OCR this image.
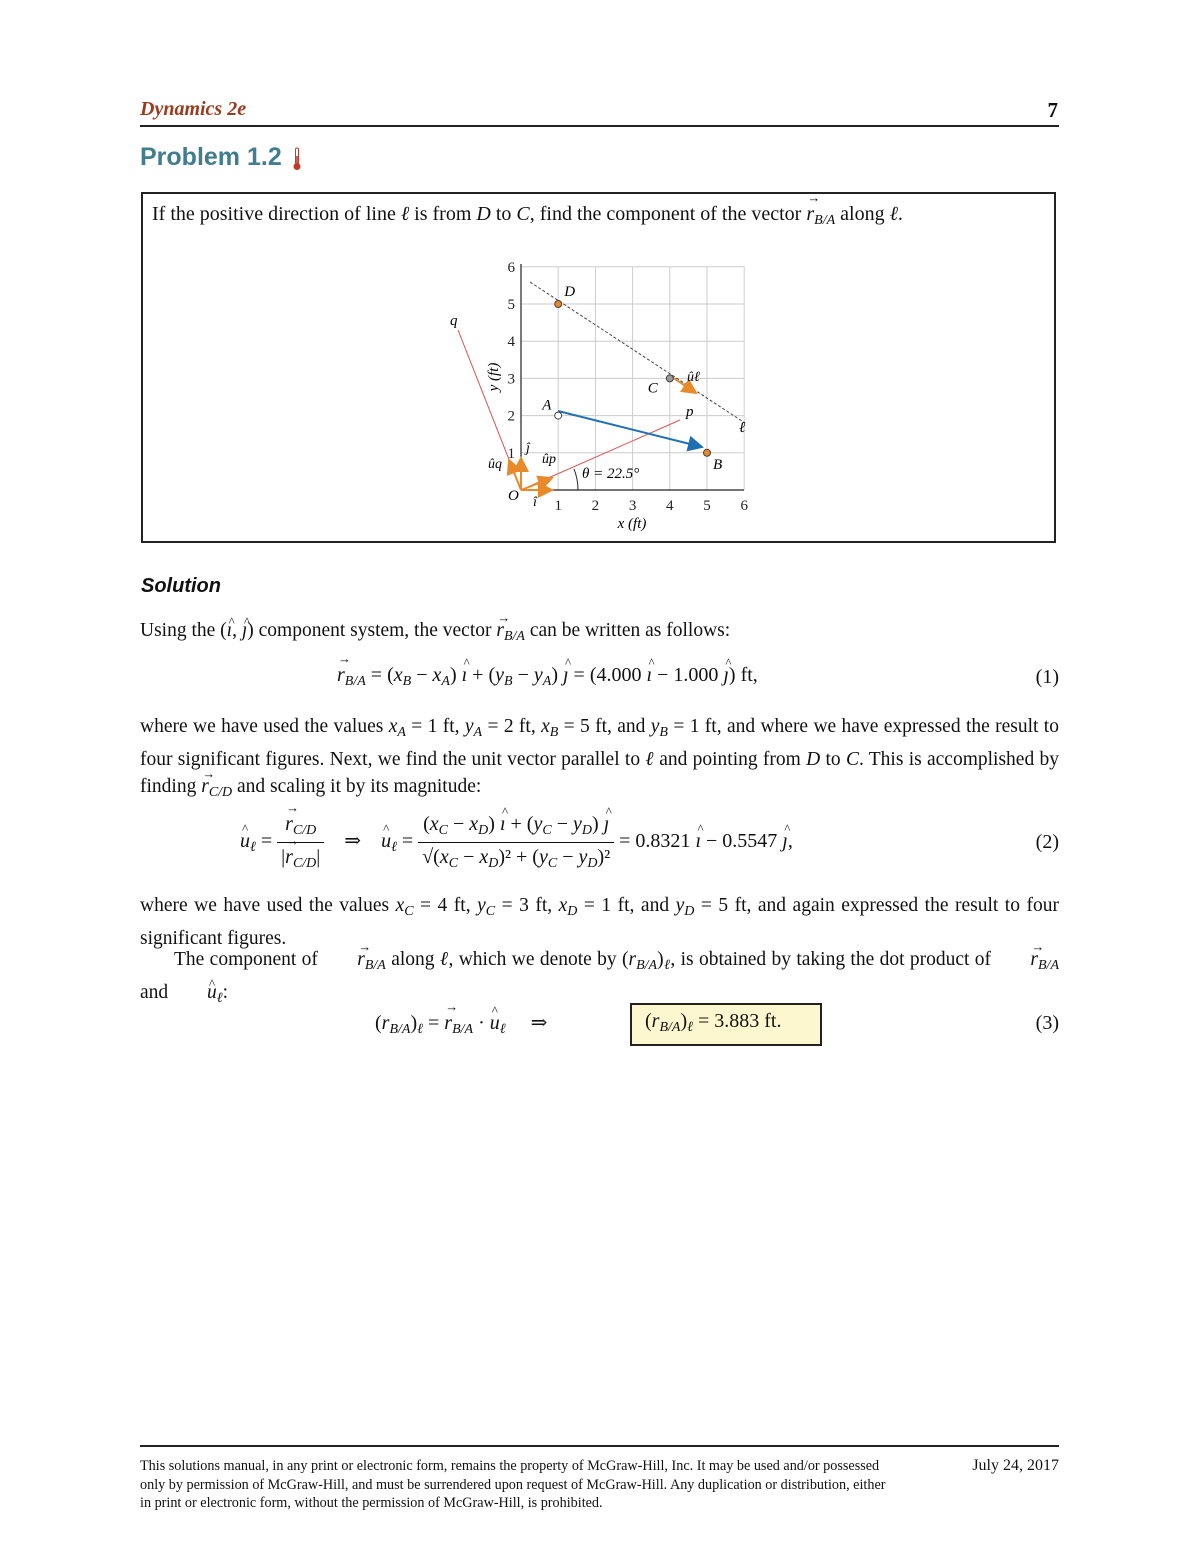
Dynamics 2e	7
Problem 1.2
If the positive direction of line ℓ is from D to C, find the component of the vector → $r_{B/A}$ along ℓ.
1 2 3 4 5 6
1
2
3
4
5
6
x (ft)
y (ft)
O
ℓ
p
q
î
ĵ
ûp
ûq
ûℓ
θ = 22.5°
D
C
A
B
Solution
Using the (^ ı, ^ ȷ) component system, the vector → $r_{B/A}$ can be written as follows:
→ $r_{B/A} = (x_B - x_A)$ ^ ı + $(y_B - y_A)$ ^ ȷ = (4.000 ^ ı − 1.000 ^ ȷ) ft,	(1)
where we have used the values $x_A = 1$ ft, $y_A = 2$ ft, $x_B = 5$ ft, and $y_B = 1$ ft, and where we have expressed the result to four significant figures. Next, we find the unit vector parallel to ℓ and pointing from D to C. This is accomplished by finding → $r_{C/D}$ and scaling it by its magnitude:
^ $u_\ell$ =
→ $\frac{r_{C/D}}{|\to r_{C/D}|}$ ⇒    ^ $u_\ell = \frac{(x_C - x_D) \^{} ı + (y_C - y_D) \^{} ȷ}{√(x_C - x_D)^2 + (y_C - y_D)^2} = 0.8321$ ^ ı − 0.5547 ^ ȷ,	(2)
where we have used the values $x_C = 4$ ft, $y_C = 3$ ft, $x_D = 1$ ft, and $y_D = 5$ ft, and again expressed the result to four significant figures.
The component of → $r_{B/A}$ along ℓ, which we denote by $(r_{B/A})_\ell$, is obtained by taking the dot product of → $r_{B/A}$ and ^ $u_\ell$:
$(r_{B/A})_\ell$ = → $r_{B/A}$ · ^ $u_\ell$     ⇒	$(r_{B/A})_\ell = 3.883$ ft.	(3)
This solutions manual, in any print or electronic form, remains the property of McGraw-Hill, Inc. It may be used and/or possessed only by permission of McGraw-Hill, and must be surrendered upon request of McGraw-Hill. Any duplication or distribution, either in print or electronic form, without the permission of McGraw-Hill, is prohibited.
July 24, 2017
